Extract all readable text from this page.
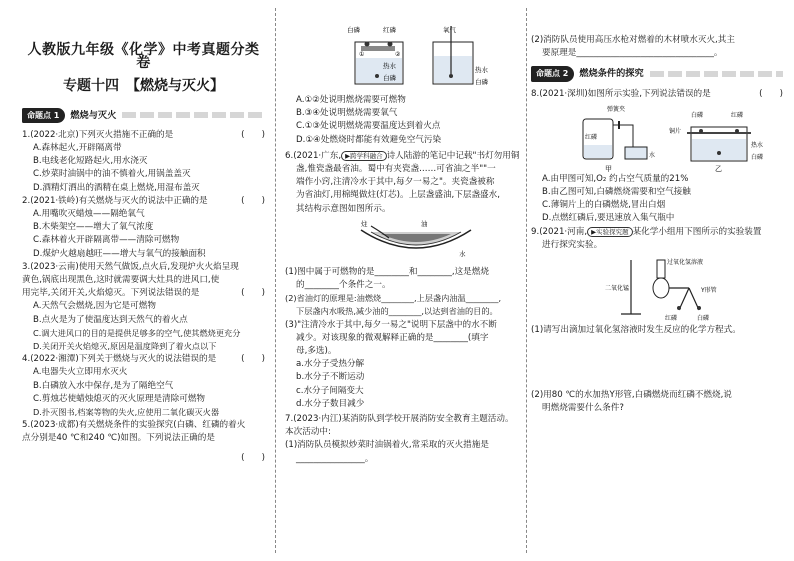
人教版九年级《化学》中考真题分类卷
专题十四　【燃烧与灭火】
命题点 1	燃烧与灭火
1.(2022·北京)下列灭火措施不正确的是	(　　)
A.森林起火,开辟隔离带
B.电线老化短路起火,用水浇灭
C.炒菜时油锅中的油不慎着火,用锅盖盖灭
D.酒精灯洒出的酒精在桌上燃烧,用湿布盖灭
2.(2021·铁岭)有关燃烧与灭火的说法中正确的是	(　　)
A.用嘴吹灭蜡烛——隔绝氧气
B.木柴架空——增大了氧气浓度
C.森林着火开辟隔离带——清除可燃物
D.煤炉火越扇越旺——增大与氧气的接触面积
3.(2023·云南)使用天然气做饭,点火后,发现炉火火焰呈现
黄色,锅底出现黑色,这时就需要调大灶具的进风口,使
用完毕,关闭开关,火焰熄灭。下列说法错误的是	(　　)
A.天然气会燃烧,因为它是可燃物
B.点火是为了使温度达到天然气的着火点
C.调大进风口的目的是提供足够多的空气,使其燃烧更充分
D.关闭开关火焰熄灭,原因是温度降到了着火点以下
4.(2022·湘潭)下列关于燃烧与灭火的说法错误的是	(　　)
A.电器失火立即用水灭火
B.白磷放入水中保存,是为了隔绝空气
C.剪烛芯使蜡烛熄灭的灭火原理是清除可燃物
D.扑灭图书,档案等物的失火,应使用二氧化碳灭火器
5.(2023·成都)有关燃烧条件的实验探究(白磷、红磷的着火
点分别是40 ℃和240 ℃)如图。下列说法正确的是
(　　)
白磷	红磷
热水
白磷
①	②
氧气
热水
白磷
A.①②处说明燃烧需要可燃物
B.③④处说明燃烧需要氧气
C.①③处说明燃烧需要温度达到着火点
D.①④处燃烧时都能有效避免空气污染
6.(2021·广东, ▶跨学科融合 诗人陆游的笔记中记载"书灯勿用铜
盏,惟瓷盏最省油。蜀中有夹瓷盏……可省油之半""一
端作小窍,注清冷水于其中,每夕一易之"。夹瓷盏被称
为省油灯,用棉绳做炷(灯芯)。上层盏盛油,下层盏盛水,
其结构示意图如图所示。
炷	油
水
(1)图中属于可燃物的是________和________,这是燃烧
的________个条件之一。
(2)省油灯的原理是:油燃烧________,上层盏内油温________,
下层盏内水吸热,减少油的________,以达到省油的目的。
(3)"注清冷水于其中,每夕一易之"说明下层盏中的水不断
减少。对该现象的微观解释正确的是________(填字
母,多选)。
a.水分子受热分解
b.水分子不断运动
c.水分子间隔变大
d.水分子数目减少
7.(2023·内江)某消防队到学校开展消防安全教育主题活动。
本次活动中:
(1)消防队员模拟炒菜时油锅着火,常采取的灭火措施是
________________。
(2)消防队员使用高压水枪对燃着的木材喷水灭火,其主
要原理是________________________________。
命题点 2	燃烧条件的探究
8.(2021·深圳)如图所示实验,下列说法错误的是	(　　)
弹簧夹
红磷
水
甲
白磷
铜片
红磷
热水
白磷
乙
A.由甲图可知,O₂ 约占空气质量的21%
B.由乙图可知,白磷燃烧需要和空气接触
C.薄铜片上的白磷燃烧,冒出白烟
D.点燃红磷后,要迅速放入集气瓶中
9.(2021·河南, ▶实验探究题 某化学小组用下图所示的实验装置
进行探究实验。
过氧化氢溶液
二氧化锰	Y形管
红磷	白磷
(1)请写出滴加过氧化氢溶液时发生反应的化学方程式。
(2)用80 ℃的水加热Y形管,白磷燃烧而红磷不燃烧,说
明燃烧需要什么条件?
